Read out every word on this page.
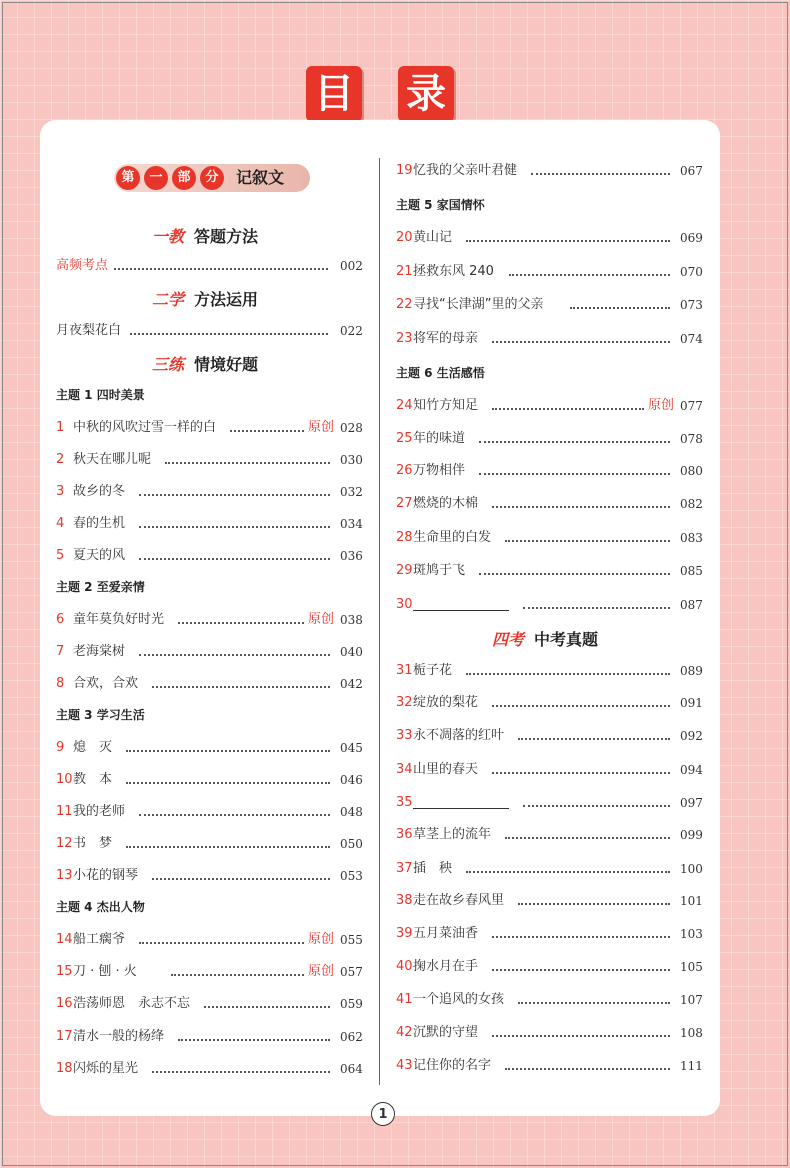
目 录
第	一	部	分	记叙文
一教 答题方法
高频考点	002
二学 方法运用
月夜梨花白	022
三练 情境好题
主题 1 四时美景
主题 2 至爱亲情
主题 3 学习生活
主题 4 杰出人物
主题 5 家国情怀
主题 6 生活感悟
四考 中考真题
1 中秋的风吹过雪一样的白	原创 028
2 秋天在哪儿呢	030
3 故乡的冬	032
4 春的生机	034
5 夏天的风	036
6 童年莫负好时光	原创 038
7 老海棠树	040
8 合欢，合欢	042
9 熄　灭	045
10 教　本	046
11 我的老师	048
12 书　梦	050
13 小花的钢琴	053
14 船工瘸爷	原创 055
15 刀 · 刨 · 火	原创 057
16 浩荡师恩　永志不忘	059
17 清水一般的杨绛	062
18 闪烁的星光	064
19 忆我的父亲叶君健	067
20 黄山记	069
21 拯救东风 240	070
22 寻找“长津湖”里的父亲	073
23 将军的母亲	074
24 知竹方知足	原创 077
25 年的味道	078
26 万物相伴	080
27 燃烧的木棉	082
28 生命里的白发	083
29 斑鸠于飞	085
30	087
31 栀子花	089
32 绽放的梨花	091
33 永不凋落的红叶	092
34 山里的春天	094
35	097
36 草茎上的流年	099
37 插　秧	100
38 走在故乡春风里	101
39 五月菜油香	103
40 掬水月在手	105
41 一个追风的女孩	107
42 沉默的守望	108
43 记住你的名字	111
1
